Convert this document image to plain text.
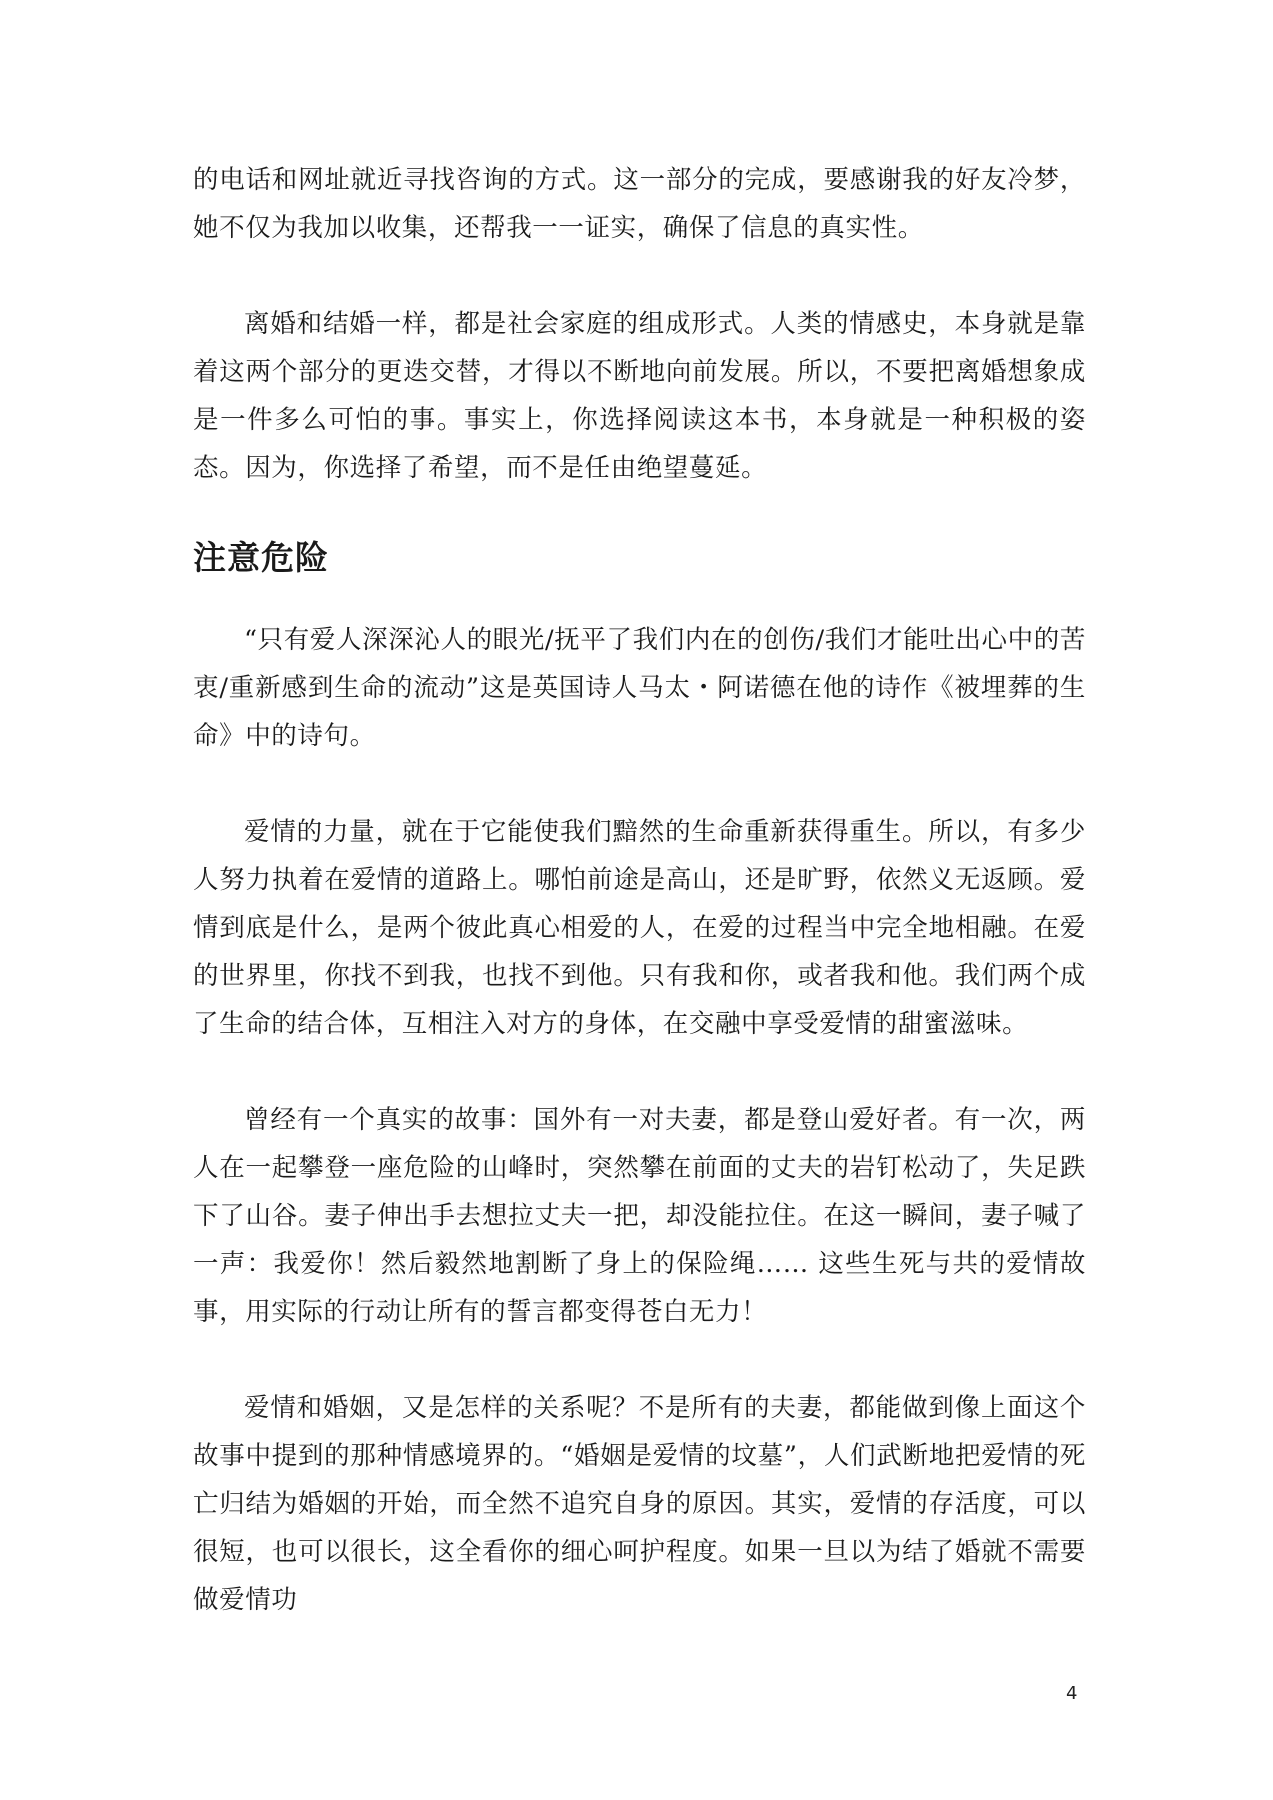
的电话和网址就近寻找咨询的方式。这一部分的完成，要感谢我的好友冷梦，她不仅为我加以收集，还帮我一一证实，确保了信息的真实性。

离婚和结婚一样，都是社会家庭的组成形式。人类的情感史，本身就是靠着这两个部分的更迭交替，才得以不断地向前发展。所以，不要把离婚想象成是一件多么可怕的事。事实上，你选择阅读这本书，本身就是一种积极的姿态。因为，你选择了希望，而不是任由绝望蔓延。

注意危险

“只有爱人深深沁人的眼光/抚平了我们内在的创伤/我们才能吐出心中的苦衷/重新感到生命的流动”这是英国诗人马太・阿诺德在他的诗作《被埋葬的生命》中的诗句。

爱情的力量，就在于它能使我们黯然的生命重新获得重生。所以，有多少人努力执着在爱情的道路上。哪怕前途是高山，还是旷野，依然义无返顾。爱情到底是什么，是两个彼此真心相爱的人，在爱的过程当中完全地相融。在爱的世界里，你找不到我，也找不到他。只有我和你，或者我和他。我们两个成了生命的结合体，互相注入对方的身体，在交融中享受爱情的甜蜜滋味。

曾经有一个真实的故事：国外有一对夫妻，都是登山爱好者。有一次，两人在一起攀登一座危险的山峰时，突然攀在前面的丈夫的岩钉松动了，失足跌下了山谷。妻子伸出手去想拉丈夫一把，却没能拉住。在这一瞬间，妻子喊了一声：我爱你！然后毅然地割断了身上的保险绳…… 这些生死与共的爱情故事，用实际的行动让所有的誓言都变得苍白无力！

爱情和婚姻，又是怎样的关系呢？不是所有的夫妻，都能做到像上面这个故事中提到的那种情感境界的。“婚姻是爱情的坟墓”，人们武断地把爱情的死亡归结为婚姻的开始，而全然不追究自身的原因。其实，爱情的存活度，可以很短，也可以很长，这全看你的细心呵护程度。如果一旦以为结了婚就不需要做爱情功

4
